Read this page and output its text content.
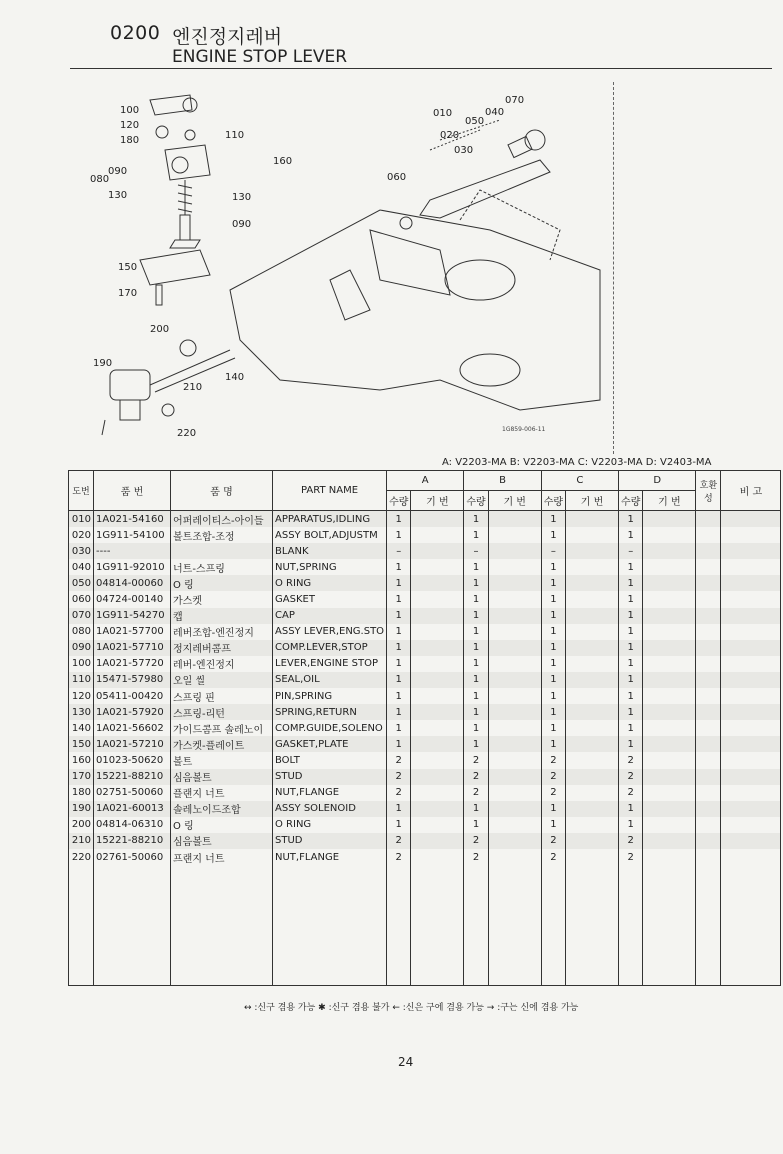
0200 엔진정지레버
ENGINE STOP LEVER
100
120
180	110
160
090
080
130	130
090
150
170
200
190
210
140
220
070
010	040
050
020
030
060
1G859-006-11
A: V2203-MA B: V2203-MA C: V2203-MA D: V2403-MA
도번	품 번	품 명	PART NAME	A		B		C		D		호환성	비 고
				수량	기 번	수량	기 번	수량	기 번	수량	기 번		
010	1A021-54160	어퍼레이티스-아이들	APPARATUS,IDLING	1		1		1		1			
020	1G911-54100	볼트조합-조정	ASSY BOLT,ADJUSTM	1		1		1		1			
030	----		BLANK	–		–		–		–			
040	1G911-92010	너트-스프링	NUT,SPRING	1		1		1		1			
050	04814-00060	O 링	O RING	1		1		1		1			
060	04724-00140	가스켓	GASKET	1		1		1		1			
070	1G911-54270	캡	CAP	1		1		1		1			
080	1A021-57700	레버조합-엔진정지	ASSY LEVER,ENG.STO	1		1		1		1			
090	1A021-57710	정지레버콤프	COMP.LEVER,STOP	1		1		1		1			
100	1A021-57720	레버-엔진정지	LEVER,ENGINE STOP	1		1		1		1			
110	15471-57980	오일 씰	SEAL,OIL	1		1		1		1			
120	05411-00420	스프링 핀	PIN,SPRING	1		1		1		1			
130	1A021-57920	스프링-리턴	SPRING,RETURN	1		1		1		1			
140	1A021-56602	가이드콤프 솔레노이	COMP.GUIDE,SOLENO	1		1		1		1			
150	1A021-57210	가스켓-플레이트	GASKET,PLATE	1		1		1		1			
160	01023-50620	볼트	BOLT	2		2		2		2			
170	15221-88210	심음볼트	STUD	2		2		2		2			
180	02751-50060	플랜지 너트	NUT,FLANGE	2		2		2		2			
190	1A021-60013	솔레노이드조합	ASSY SOLENOID	1		1		1		1			
200	04814-06310	O 링	O RING	1		1		1		1			
210	15221-88210	심음볼트	STUD	2		2		2		2			
220	02761-50060	프랜지 너트	NUT,FLANGE	2		2		2		2			

↔ :신구 겸용 가능 ✱ :신구 겸용 불가 ← :신은 구에 겸용 가능 → :구는 신에 겸용 가능
24
